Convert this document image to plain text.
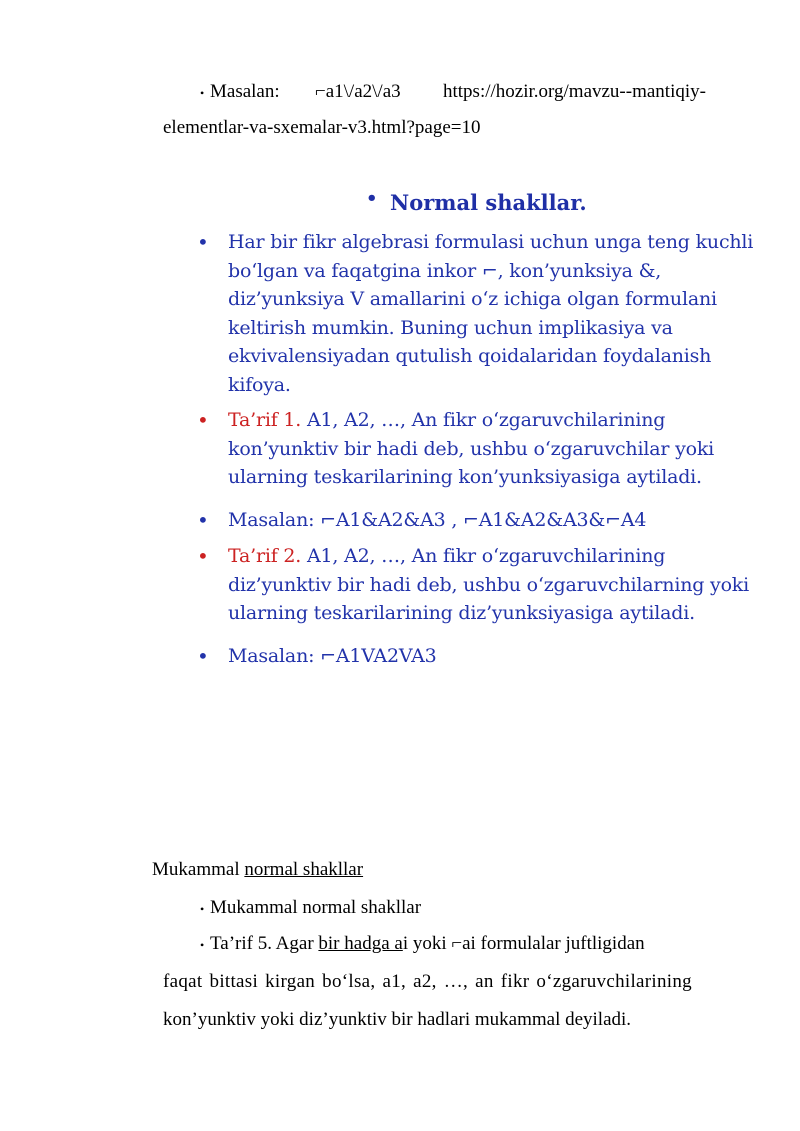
• Masalan: ⌐a1\/a2\/a3 https://hozir.org/mavzu--mantiqiy-
elementlar-va-sxemalar-v3.html?page=10
• Normal shakllar.
• Har bir fikr algebrasi formulasi uchun unga teng kuchli bo‘lgan va faqatgina inkor ⌐, kon’yunksiya &, diz’yunksiya V amallarini o‘z ichiga olgan formulani keltirish mumkin. Buning uchun implikasiya va ekvivalensiyadan qutulish qoidalaridan foydalanish kifoya.
• Ta’rif 1. A1, A2, …, An fikr o‘zgaruvchilarining kon’yunktiv bir hadi deb, ushbu o‘zgaruvchilar yoki ularning teskarilarining kon’yunksiyasiga aytiladi.
• Masalan: ⌐A1&A2&A3 , ⌐A1&A2&A3&⌐A4
• Ta’rif 2. A1, A2, …, An fikr o‘zgaruvchilarining diz’yunktiv bir hadi deb, ushbu o‘zgaruvchilarning yoki ularning teskarilarining diz’yunksiyasiga aytiladi.
• Masalan: ⌐A1VA2VA3
Mukammal normal shakllar
• Mukammal normal shakllar
• Ta’rif 5. Agar bir hadga ai yoki ⌐ai formulalar juftligidan
faqat bittasi kirgan bo‘lsa, a1, a2, …, an fikr o‘zgaruvchilarining
kon’yunktiv yoki diz’yunktiv bir hadlari mukammal deyiladi.
